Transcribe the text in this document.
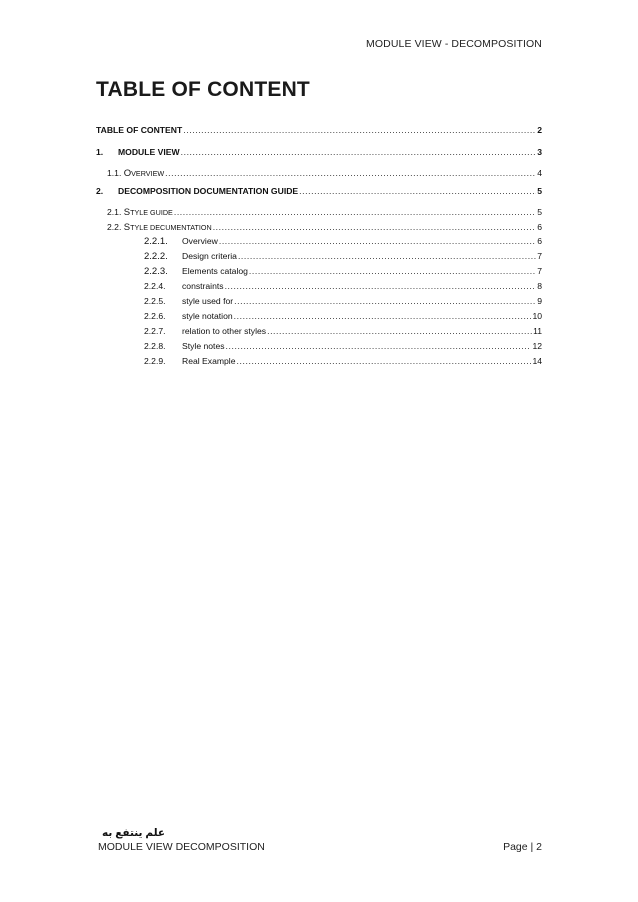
MODULE VIEW - DECOMPOSITION
TABLE OF CONTENT
TABLE OF CONTENT .....	2
1.	MODULE VIEW .....	3
1.1. OVERVIEW .....	4
2.	DECOMPOSITION DOCUMENTATION GUIDE .....	5
2.1. STYLE GUIDE .....	5
2.2. STYLE DECUMENTATION .....	6
2.2.1.	Overview .....	6
2.2.2.	Design criteria .....	7
2.2.3.	Elements catalog .....	7
2.2.4.	constraints .....	8
2.2.5.	style used for .....	9
2.2.6.	style notation .....	10
2.2.7.	relation to other styles .....	11
2.2.8.	Style notes .....	12
2.2.9.	Real Example .....	14
علم ينتفع به
MODULE VIEW DECOMPOSITION	Page | 2
